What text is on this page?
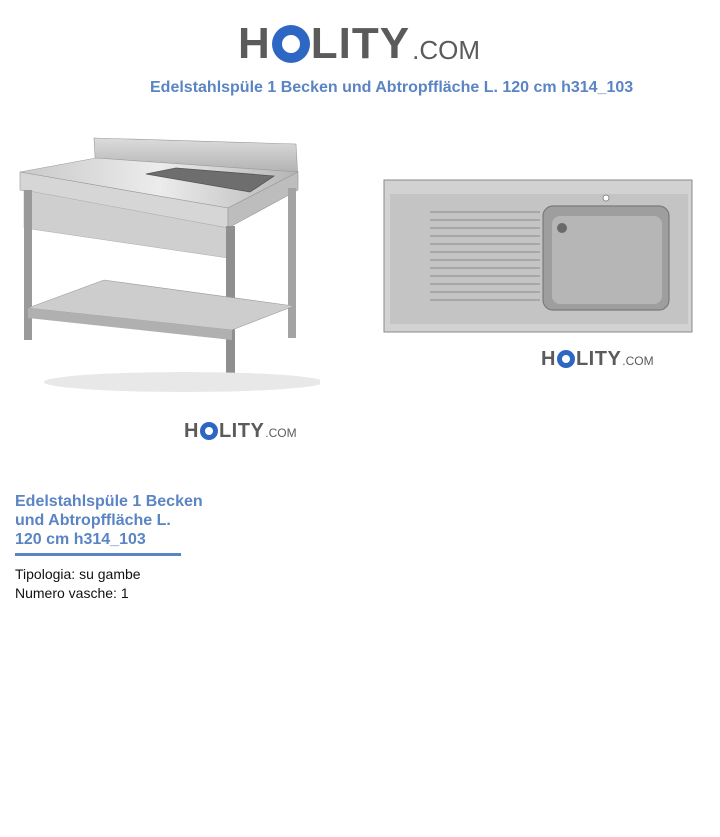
H LITY .COM
Edelstahlspüle 1 Becken und Abtropffläche L. 120 cm h314_103
H LITY .COM
H LITY .COM
Edelstahlspüle 1 Becken
und Abtropffläche L.
120 cm h314_103
Tipologia: su gambe
Numero vasche: 1
